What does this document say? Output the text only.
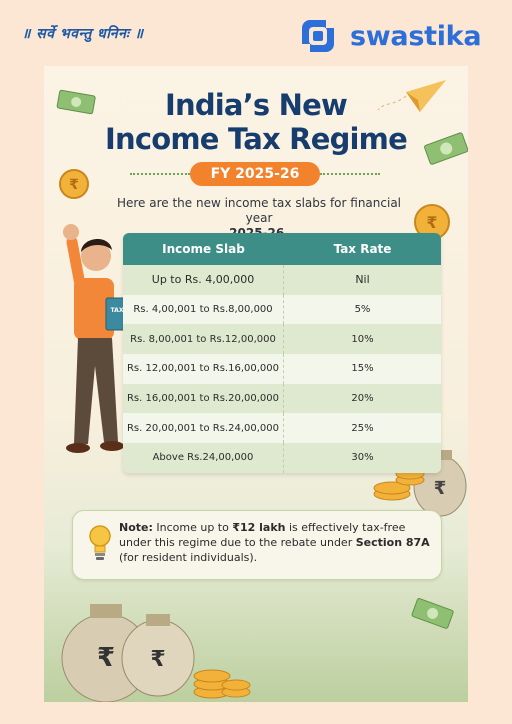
॥ सर्वे भवन्तु धनिनः ॥	swastika
₹
₹
₹
₹ ₹
TAX
India’s New
Income Tax Regime
FY 2025-26
Here are the new income tax slabs for financial year

Income Slab	Tax Rate
Up to Rs. 4,00,000	Nil
Rs. 4,00,001 to Rs.8,00,000	5%
Rs. 8,00,001 to Rs.12,00,000	10%
Rs. 12,00,001 to Rs.16,00,000	15%
Rs. 16,00,001 to Rs.20,00,000	20%
Rs. 20,00,001 to Rs.24,00,000	25%
Above Rs.24,00,000	30%
Note: Income up to ₹12 lakh is effectively tax-free under this regime due to the rebate under Section 87A (for resident individuals).
